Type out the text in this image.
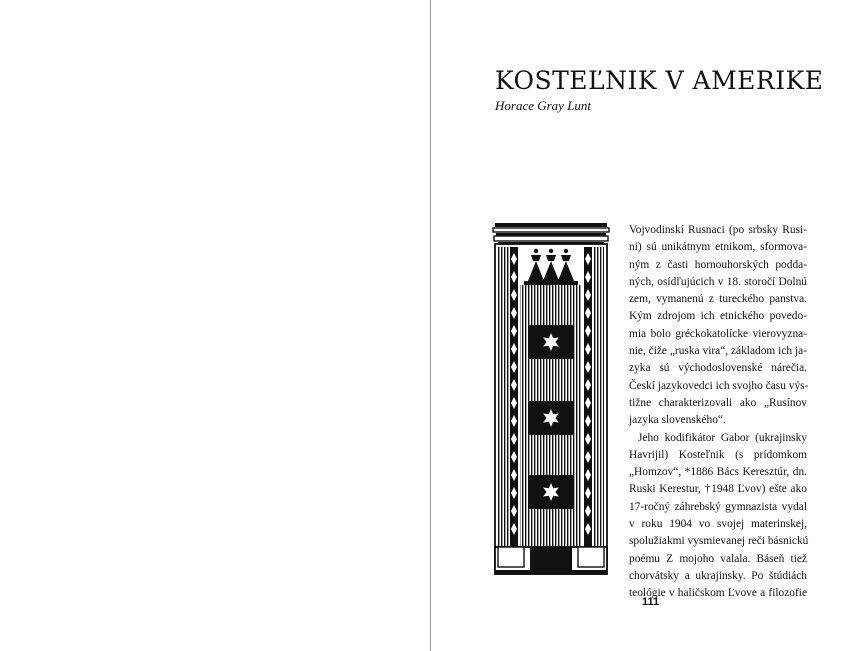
KOSTEĽNIK V AMERIKE
Horace Gray Lunt
Vojvodinskí Rusnaci (po srbsky Rusi-
ni) sú unikátnym etnikom, sformova-
ným z časti hornouhorských podda-
ných, osídľujúcich v 18. storočí Dolnú
zem, vymanenú z tureckého panstva.
Kým zdrojom ich etnického povedo-
mia bolo gréckokatolícke vierovyzna-
nie, čiže „ruska vira“, základom ich ja-
zyka sú východoslovenské nárečia.
Českí jazykovedci ich svojho času výs-
tižne charakterizovali ako „Rusínov
jazyka slovenského“.
Jeho kodifikátor Gabor (ukrajinsky
Havrijil) Kosteľnik (s prídomkom
„Homzov“, *1886 Bács Keresztúr, dn.
Ruski Kerestur, †1948 Ľvov) ešte ako
17-ročný záhrebský gymnazista vydal
v roku 1904 vo svojej materinskej,
spolužiakmi vysmievanej reči básnickú
poému Z mojoho valala. Báseň tiež
chorvátsky a ukrajinsky. Po štúdiách
teológie v haličskom Ľvove a filozofie
111
